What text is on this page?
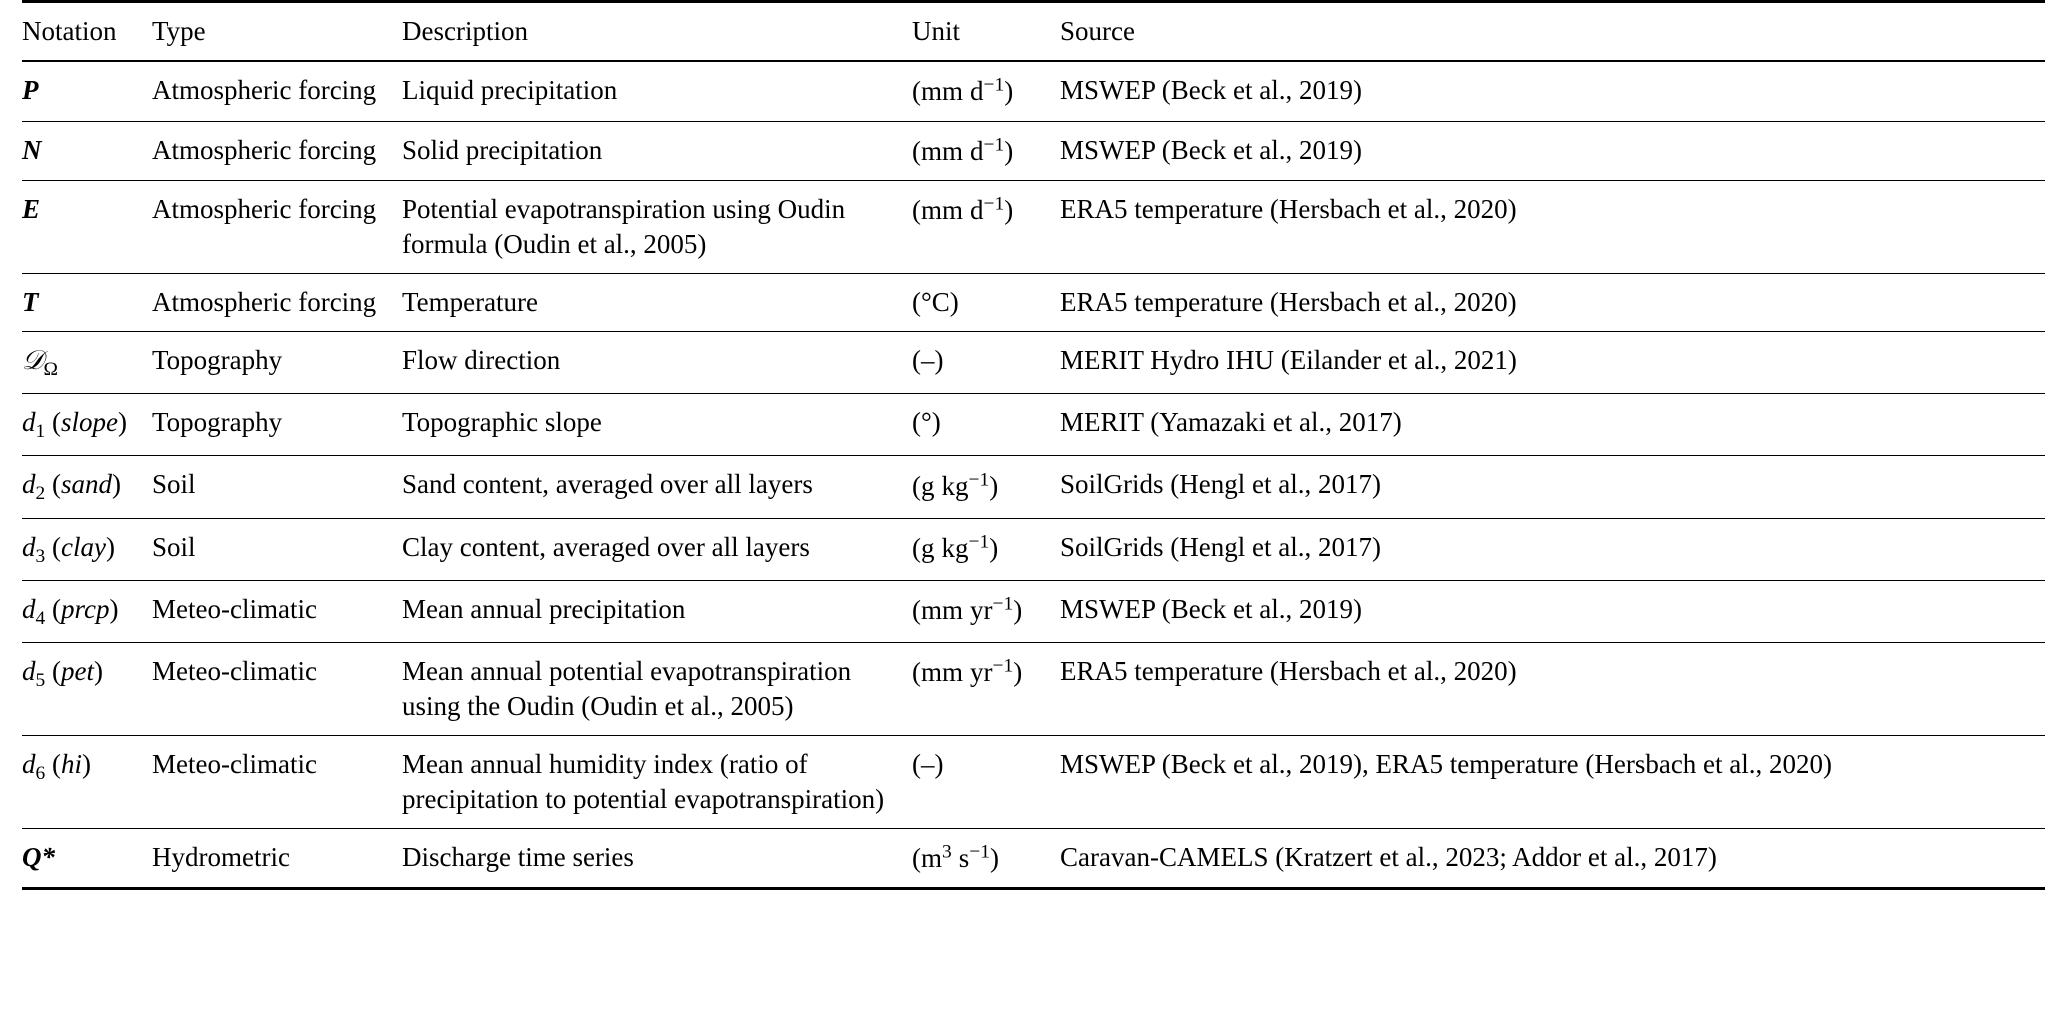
Notation	Type	Description	Unit	Source
P	Atmospheric forcing	Liquid precipitation	(mm  $d^{-1}$)	MSWEP (Beck et al., 2019)
N	Atmospheric forcing	Solid precipitation	(mm  $d^{-1}$)	MSWEP (Beck et al., 2019)
E	Atmospheric forcing	Potential evapotranspiration using Oudin formula (Oudin et al., 2005)	(mm  $d^{-1}$)	ERA5 temperature (Hersbach et al., 2020)
T	Atmospheric forcing	Temperature	(°C)	ERA5 temperature (Hersbach et al., 2020)
𝒟$_\Omega$	Topography	Flow direction	(–)	MERIT Hydro IHU (Eilander et al., 2021)
$d_1$ (slope)	Topography	Topographic slope	(°)	MERIT (Yamazaki et al., 2017)
$d_2$ (sand)	Soil	Sand content, averaged over all layers	(g  $kg^{-1}$)	SoilGrids (Hengl et al., 2017)
$d_3$ (clay)	Soil	Clay content, averaged over all layers	(g  $kg^{-1}$)	SoilGrids (Hengl et al., 2017)
$d_4$ (prcp)	Meteo-climatic	Mean annual precipitation	(mm  $yr^{-1}$)	MSWEP (Beck et al., 2019)
$d_5$ (pet)	Meteo-climatic	Mean annual potential evapotranspiration using the Oudin (Oudin et al., 2005)	(mm  $yr^{-1}$)	ERA5 temperature (Hersbach et al., 2020)
$d_6$ (hi)	Meteo-climatic	Mean annual humidity index (ratio of precipitation to potential evapotranspiration)	(–)	MSWEP (Beck et al., 2019), ERA5 temperature (Hersbach et al., 2020)
Q*	Hydrometric	Discharge time series	($m^3$  $s^{-1}$)	Caravan-CAMELS (Kratzert et al., 2023; Addor et al., 2017)
